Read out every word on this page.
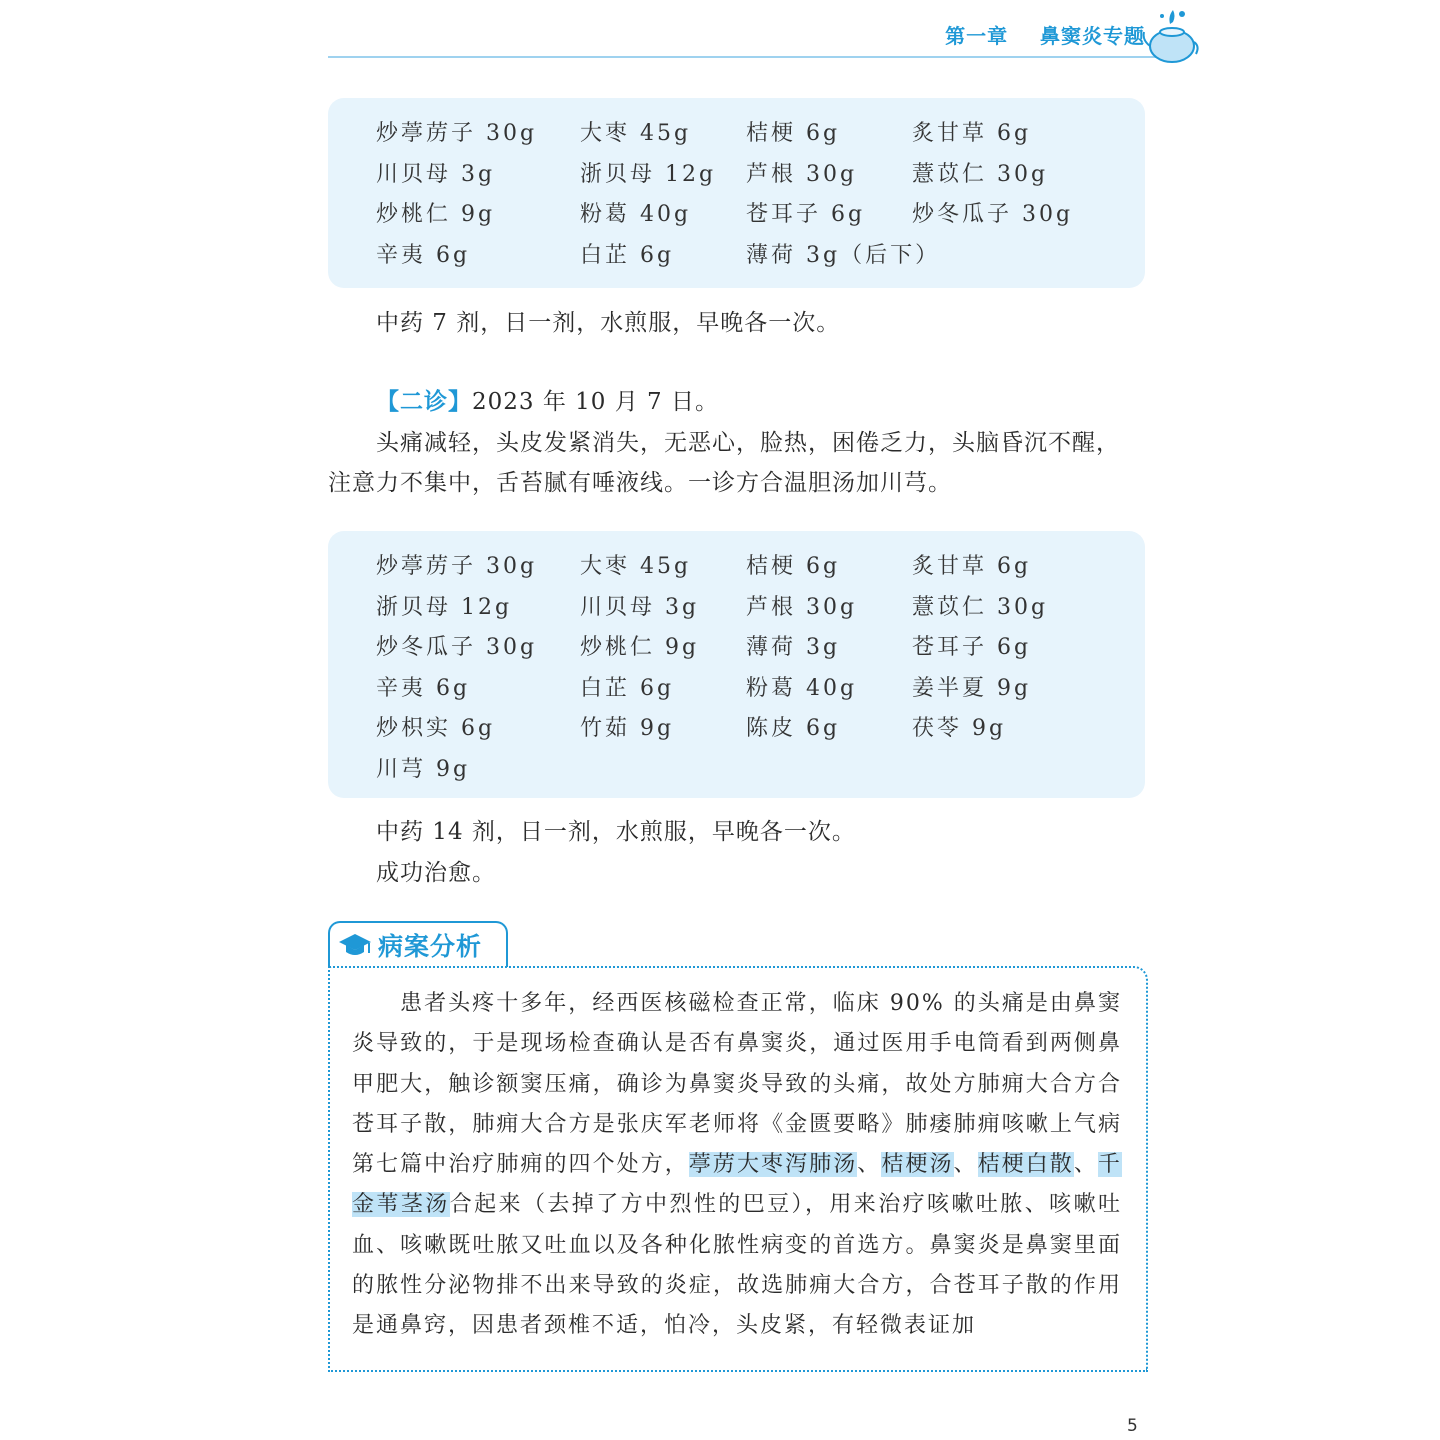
第一章 鼻窦炎专题
炒葶苈子 30g	大枣 45g	桔梗 6g	炙甘草 6g
川贝母 3g	浙贝母 12g	芦根 30g	薏苡仁 30g
炒桃仁 9g	粉葛 40g	苍耳子 6g	炒冬瓜子 30g
辛夷 6g	白芷 6g	薄荷 3g（后下）
中药 7 剂，日一剂，水煎服，早晚各一次。
【二诊】2023 年 10 月 7 日。
头痛减轻，头皮发紧消失，无恶心，脸热，困倦乏力，头脑昏沉不醒，
注意力不集中，舌苔腻有唾液线。一诊方合温胆汤加川芎。
炒葶苈子 30g	大枣 45g	桔梗 6g	炙甘草 6g
浙贝母 12g	川贝母 3g	芦根 30g	薏苡仁 30g
炒冬瓜子 30g	炒桃仁 9g	薄荷 3g	苍耳子 6g
辛夷 6g	白芷 6g	粉葛 40g	姜半夏 9g
炒枳实 6g	竹茹 9g	陈皮 6g	茯苓 9g
川芎 9g
中药 14 剂，日一剂，水煎服，早晚各一次。
成功治愈。
病案分析
患者头疼十多年，经西医核磁检查正常，临床 90% 的头痛是由鼻窦炎导致的，于是现场检查确认是否有鼻窦炎，通过医用手电筒看到两侧鼻甲肥大，触诊额窦压痛，确诊为鼻窦炎导致的头痛，故处方肺痈大合方合苍耳子散，肺痈大合方是张庆军老师将《金匮要略》肺痿肺痈咳嗽上气病第七篇中治疗肺痈的四个处方，葶苈大枣泻肺汤、桔梗汤、桔梗白散、千金苇茎汤合起来（去掉了方中烈性的巴豆），用来治疗咳嗽吐脓、咳嗽吐血、咳嗽既吐脓又吐血以及各种化脓性病变的首选方。鼻窦炎是鼻窦里面的脓性分泌物排不出来导致的炎症，故选肺痈大合方，合苍耳子散的作用是通鼻窍，因患者颈椎不适，怕冷，头皮紧，有轻微表证加
5
